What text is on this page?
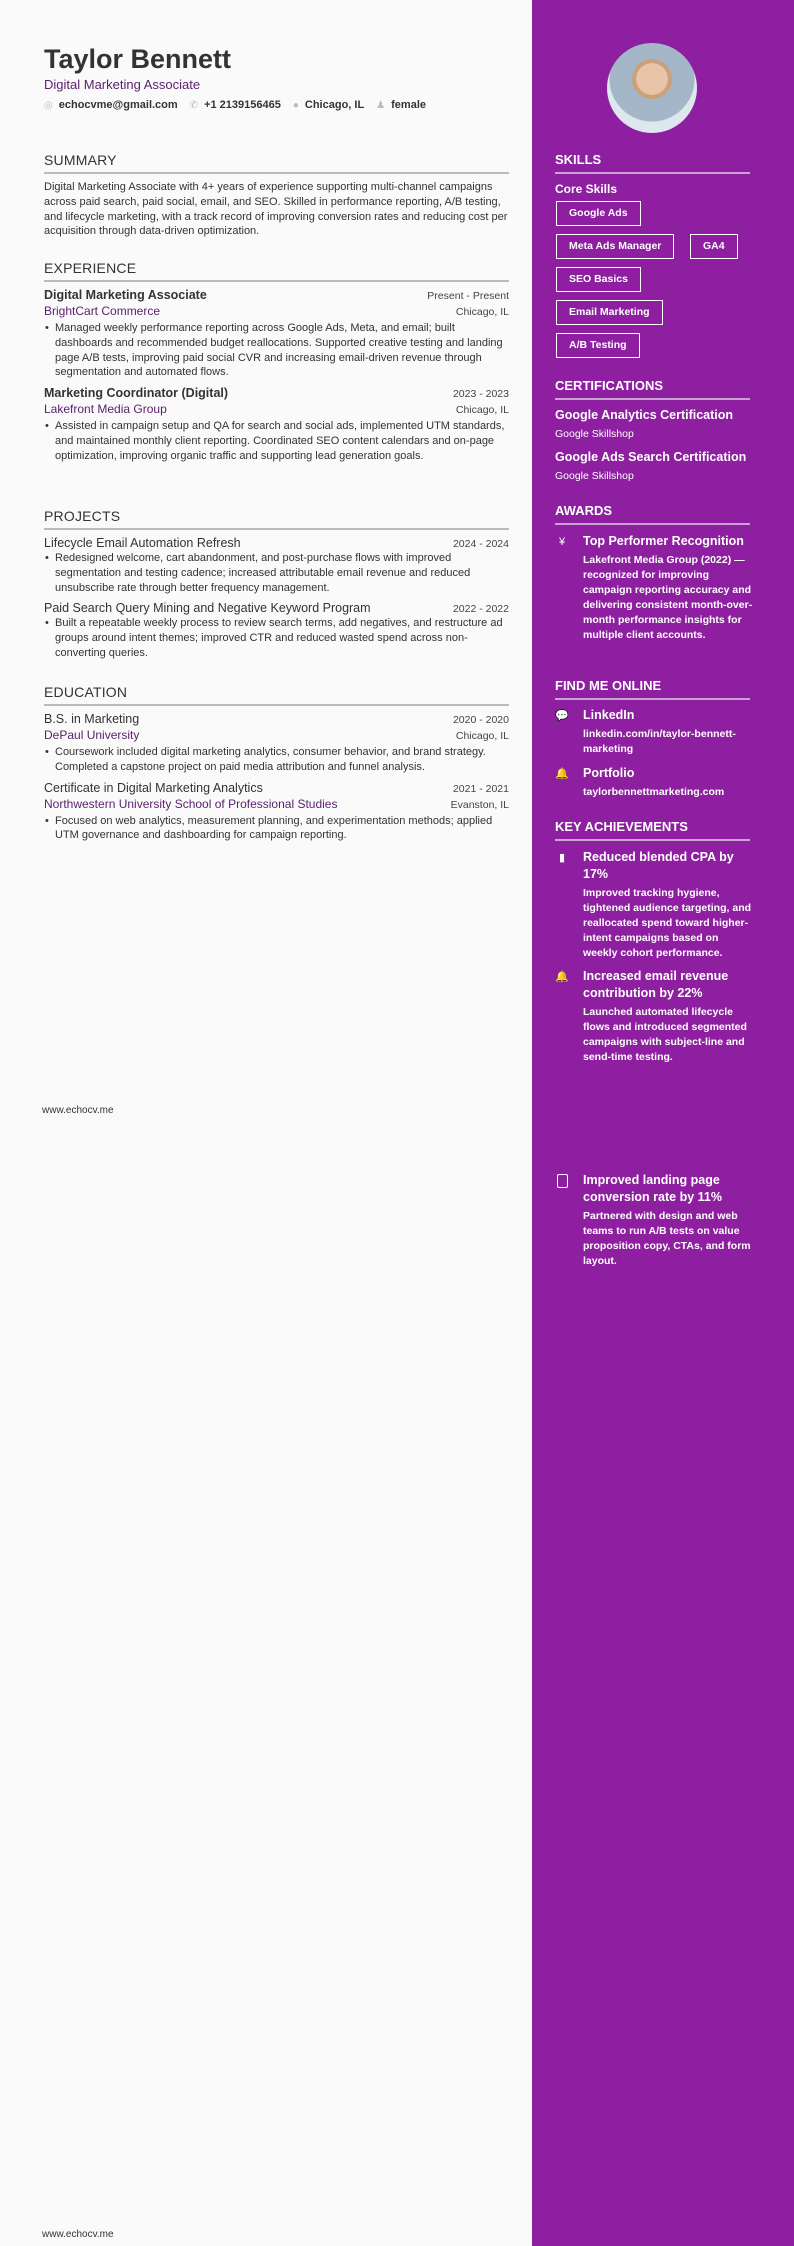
Taylor Bennett
Digital Marketing Associate
◎ echocvme@gmail.com ✆ +1 2139156465 ● Chicago, IL ♟ female
SUMMARY
Digital Marketing Associate with 4+ years of experience supporting multi-channel campaigns across paid search, paid social, email, and SEO. Skilled in performance reporting, A/B testing, and lifecycle marketing, with a track record of improving conversion rates and reducing cost per acquisition through data-driven optimization.
EXPERIENCE
Digital Marketing Associate	Present - Present
BrightCart Commerce	Chicago, IL
• Managed weekly performance reporting across Google Ads, Meta, and email; built dashboards and recommended budget reallocations. Supported creative testing and landing page A/B tests, improving paid social CVR and increasing email-driven revenue through segmentation and automated flows.
Marketing Coordinator (Digital)	2023 - 2023
Lakefront Media Group	Chicago, IL
• Assisted in campaign setup and QA for search and social ads, implemented UTM standards, and maintained monthly client reporting. Coordinated SEO content calendars and on-page optimization, improving organic traffic and supporting lead generation goals.
PROJECTS
Lifecycle Email Automation Refresh	2024 - 2024
• Redesigned welcome, cart abandonment, and post-purchase flows with improved segmentation and testing cadence; increased attributable email revenue and reduced unsubscribe rate through better frequency management.
Paid Search Query Mining and Negative Keyword Program	2022 - 2022
• Built a repeatable weekly process to review search terms, add negatives, and restructure ad groups around intent themes; improved CTR and reduced wasted spend across non-converting queries.
EDUCATION
B.S. in Marketing	2020 - 2020
DePaul University	Chicago, IL
• Coursework included digital marketing analytics, consumer behavior, and brand strategy. Completed a capstone project on paid media attribution and funnel analysis.
Certificate in Digital Marketing Analytics	2021 - 2021
Northwestern University School of Professional Studies	Evanston, IL
• Focused on web analytics, measurement planning, and experimentation methods; applied UTM governance and dashboarding for campaign reporting.
www.echocv.me
www.echocv.me
SKILLS
Core Skills
Google Ads
Meta Ads Manager	GA4
SEO Basics
Email Marketing
A/B Testing
CERTIFICATIONS
Google Analytics Certification
Google Skillshop
Google Ads Search Certification
Google Skillshop
AWARDS
¥	Top Performer Recognition
Lakefront Media Group (2022) — recognized for improving campaign reporting accuracy and delivering consistent month-over-month performance insights for multiple client accounts.
FIND ME ONLINE
💬 LinkedIn
linkedin.com/in/taylor-bennett-marketing
🔔 Portfolio
taylorbennettmarketing.com
KEY ACHIEVEMENTS
▮	Reduced blended CPA by 17%
Improved tracking hygiene, tightened audience targeting, and reallocated spend toward higher-intent campaigns based on weekly cohort performance.
🔔 Increased email revenue contribution by 22%
Launched automated lifecycle flows and introduced segmented campaigns with subject-line and send-time testing.
Improved landing page conversion rate by 11%
Partnered with design and web teams to run A/B tests on value proposition copy, CTAs, and form layout.
